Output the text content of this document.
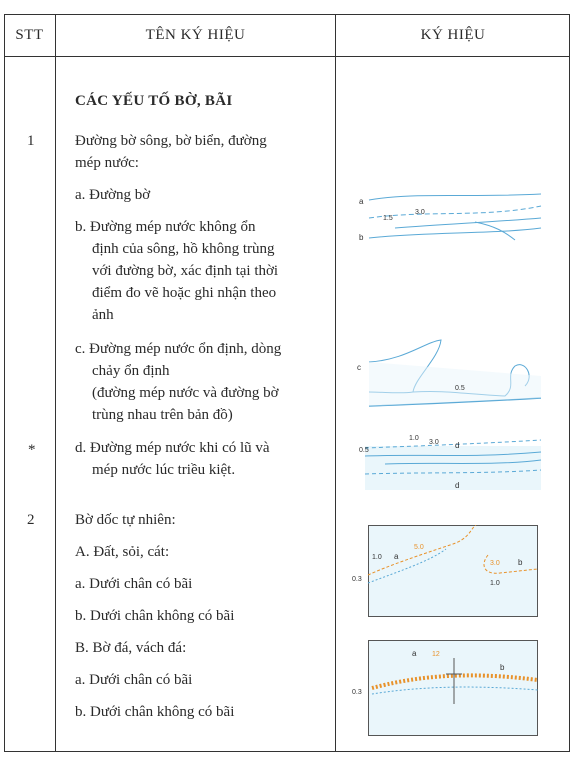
STT	TÊN KÝ HIỆU	KÝ HIỆU
CÁC YẾU TỐ BỜ, BÃI
1	Đường bờ sông, bờ biển, đường
mép nước:
a. Đường bờ
b. Đường mép nước không ổn
định của sông, hồ không trùng
với đường bờ, xác định tại thời
điểm đo vẽ hoặc ghi nhận theo
ảnh
c. Đường mép nước ổn định, dòng
chảy ổn định
(đường mép nước và đường bờ
trùng nhau trên bản đồ)
*	d. Đường mép nước khi có lũ và
mép nước lúc triều kiệt.
2	Bờ dốc tự nhiên:
A. Đất, sỏi, cát:
a. Dưới chân có bãi
b. Dưới chân không có bãi
B. Bờ đá, vách đá:
a. Dưới chân có bãi
b. Dưới chân không có bãi
a
b
1.5
3.0
c
0.5
0.5
1.0
3.0 d
d
1.0 a
5.0
3.0 b
0.3
1.0
a 12
b
0.3
